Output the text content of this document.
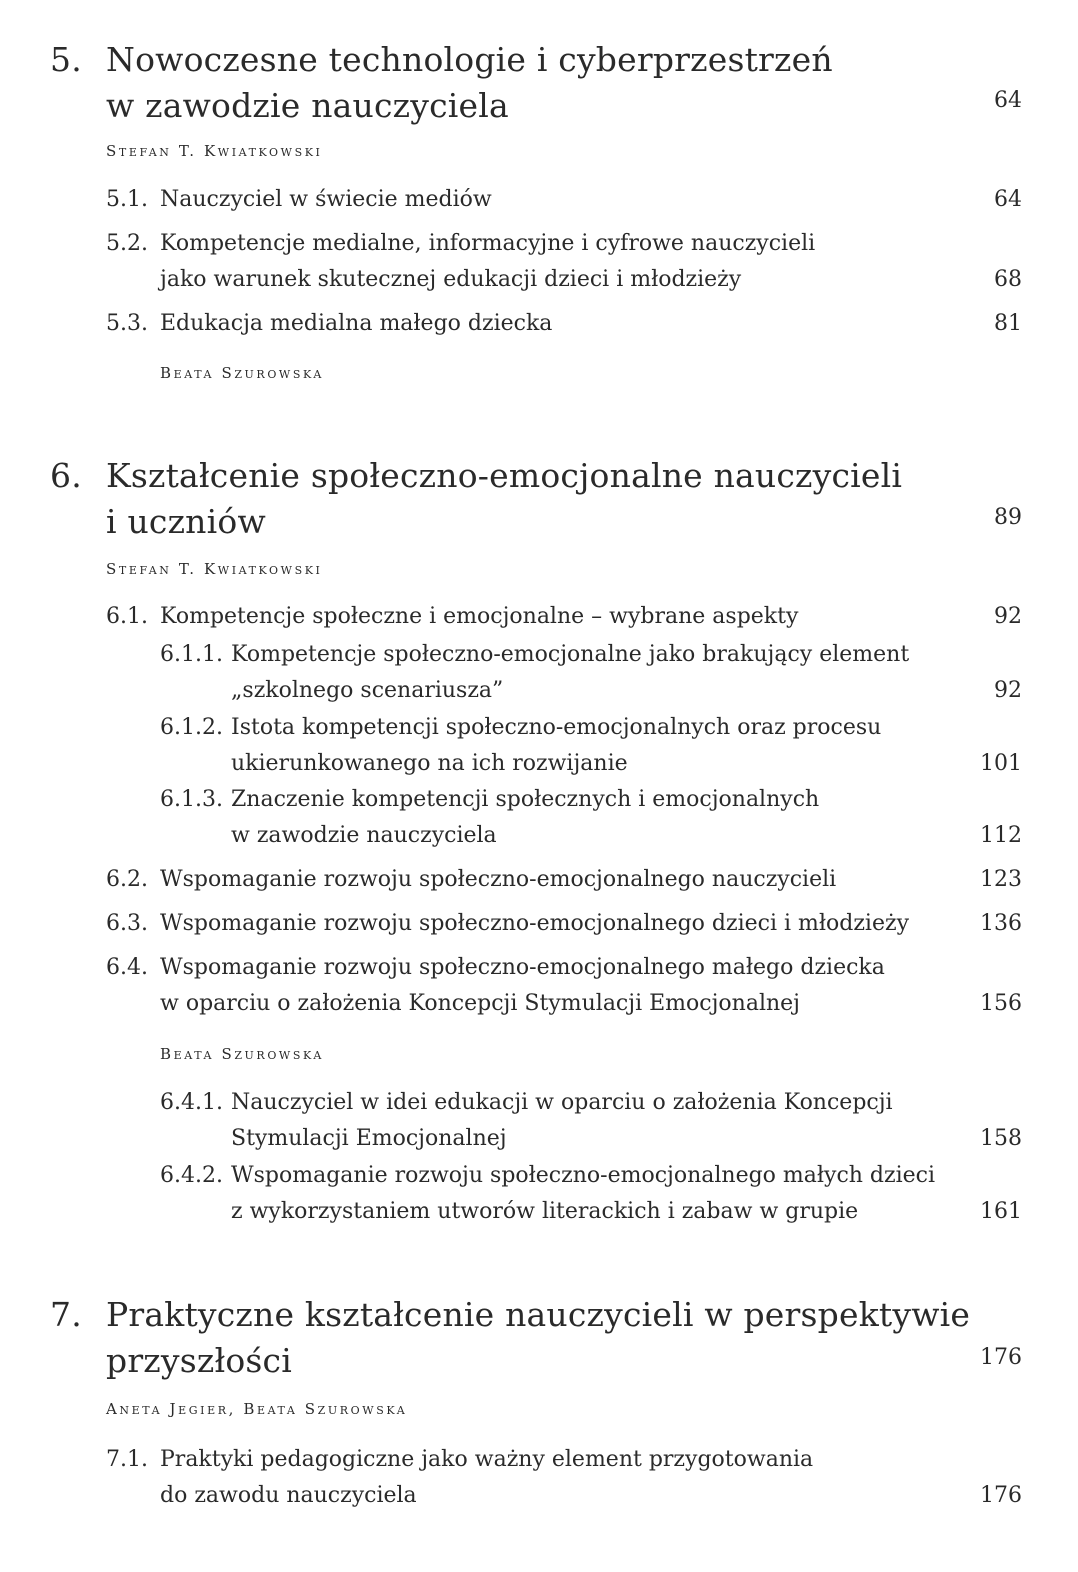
5. Nowoczesne technologie i cyberprzestrzeń
w zawodzie nauczyciela	64
Stefan T. Kwiatkowski
5.1. Nauczyciel w świecie mediów	64
5.2. Kompetencje medialne, informacyjne i cyfrowe nauczycieli
jako warunek skutecznej edukacji dzieci i młodzieży	68
5.3. Edukacja medialna małego dziecka	81
Beata Szurowska
6. Kształcenie społeczno-emocjonalne nauczycieli
i uczniów	89
Stefan T. Kwiatkowski
6.1. Kompetencje społeczne i emocjonalne – wybrane aspekty	92
6.1.1. Kompetencje społeczno-emocjonalne jako brakujący element
„szkolnego scenariusza”	92
6.1.2. Istota kompetencji społeczno-emocjonalnych oraz procesu
ukierunkowanego na ich rozwijanie	101
6.1.3. Znaczenie kompetencji społecznych i emocjonalnych
w zawodzie nauczyciela	112
6.2. Wspomaganie rozwoju społeczno-emocjonalnego nauczycieli	123
6.3. Wspomaganie rozwoju społeczno-emocjonalnego dzieci i młodzieży	136
6.4. Wspomaganie rozwoju społeczno-emocjonalnego małego dziecka
w oparciu o założenia Koncepcji Stymulacji Emocjonalnej	156
Beata Szurowska
6.4.1. Nauczyciel w idei edukacji w oparciu o założenia Koncepcji
Stymulacji Emocjonalnej	158
6.4.2. Wspomaganie rozwoju społeczno-emocjonalnego małych dzieci
z wykorzystaniem utworów literackich i zabaw w grupie	161
7. Praktyczne kształcenie nauczycieli w perspektywie
przyszłości	176
Aneta Jegier, Beata Szurowska
7.1. Praktyki pedagogiczne jako ważny element przygotowania
do zawodu nauczyciela	176
